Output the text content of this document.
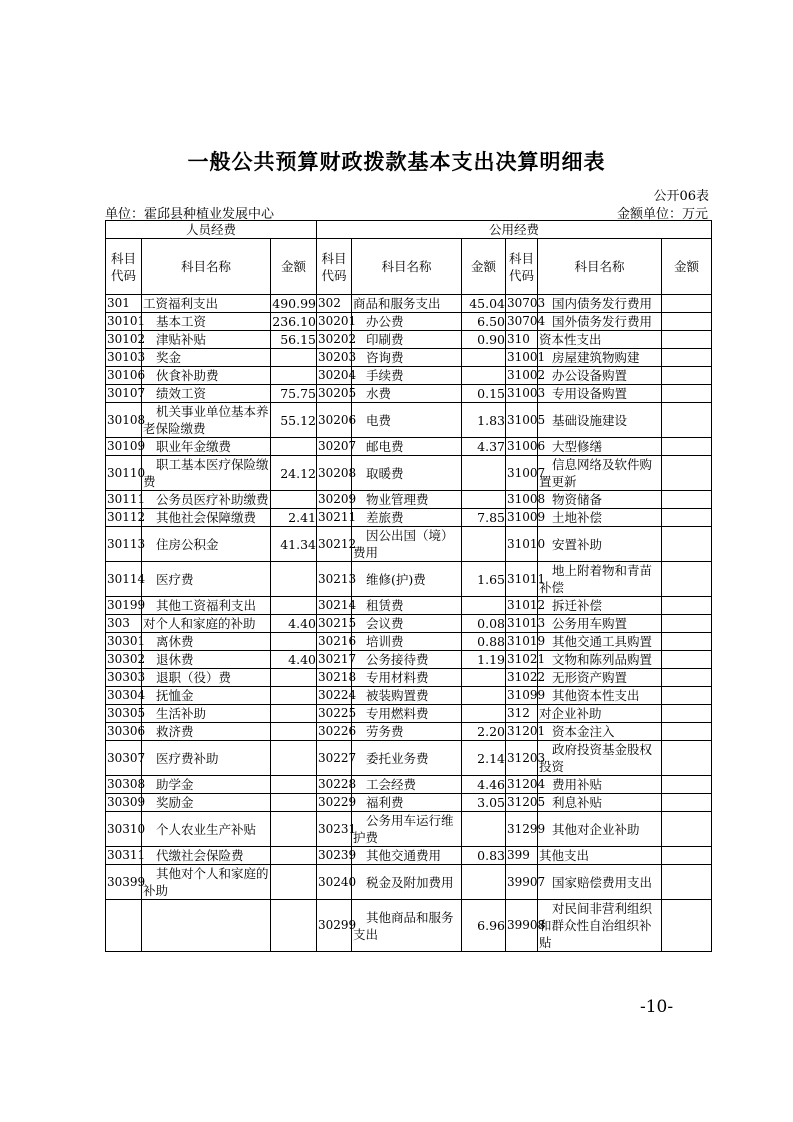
一般公共预算财政拨款基本支出决算明细表
公开06表
单位：霍邱县种植业发展中心	金额单位：万元
人员经费			公用经费					
科目代码	科目名称	金额	科目代码	科目名称	金额	科目代码	科目名称	金额
301	工资福利支出	490.99	302	商品和服务支出	45.04	30703	国内债务发行费用	
30101	基本工资	236.10	30201	办公费	6.50	30704	国外债务发行费用	
30102	津贴补贴	56.15	30202	印刷费	0.90	310	资本性支出	
30103	奖金		30203	咨询费		31001	房屋建筑物购建	
30106	伙食补助费		30204	手续费		31002	办公设备购置	
30107	绩效工资	75.75	30205	水费	0.15	31003	专用设备购置	
30108	机关事业单位基本养老保险缴费	55.12	30206	电费	1.83	31005	基础设施建设	
30109	职业年金缴费		30207	邮电费	4.37	31006	大型修缮	
30110	职工基本医疗保险缴费	24.12	30208	取暖费		31007	信息网络及软件购置更新	
30111	公务员医疗补助缴费		30209	物业管理费		31008	物资储备	
30112	其他社会保障缴费	2.41	30211	差旅费	7.85	31009	土地补偿	
30113	住房公积金	41.34	30212	因公出国（境）费用		31010	安置补助	
30114	医疗费		30213	维修(护)费	1.65	31011	地上附着物和青苗补偿	
30199	其他工资福利支出		30214	租赁费		31012	拆迁补偿	
303	对个人和家庭的补助	4.40	30215	会议费	0.08	31013	公务用车购置	
30301	离休费		30216	培训费	0.88	31019	其他交通工具购置	
30302	退休费	4.40	30217	公务接待费	1.19	31021	文物和陈列品购置	
30303	退职（役）费		30218	专用材料费		31022	无形资产购置	
30304	抚恤金		30224	被装购置费		31099	其他资本性支出	
30305	生活补助		30225	专用燃料费		312	对企业补助	
30306	救济费		30226	劳务费	2.20	31201	资本金注入	
30307	医疗费补助		30227	委托业务费	2.14	31203	政府投资基金股权投资	
30308	助学金		30228	工会经费	4.46	31204	费用补贴	
30309	奖励金		30229	福利费	3.05	31205	利息补贴	
30310	个人农业生产补贴		30231	公务用车运行维护费		31299	其他对企业补助	
30311	代缴社会保险费		30239	其他交通费用	0.83	399	其他支出	
30399	其他对个人和家庭的补助		30240	税金及附加费用		39907	国家赔偿费用支出	
			30299	其他商品和服务支出	6.96	39908	对民间非营利组织和群众性自治组织补贴	
-10-
